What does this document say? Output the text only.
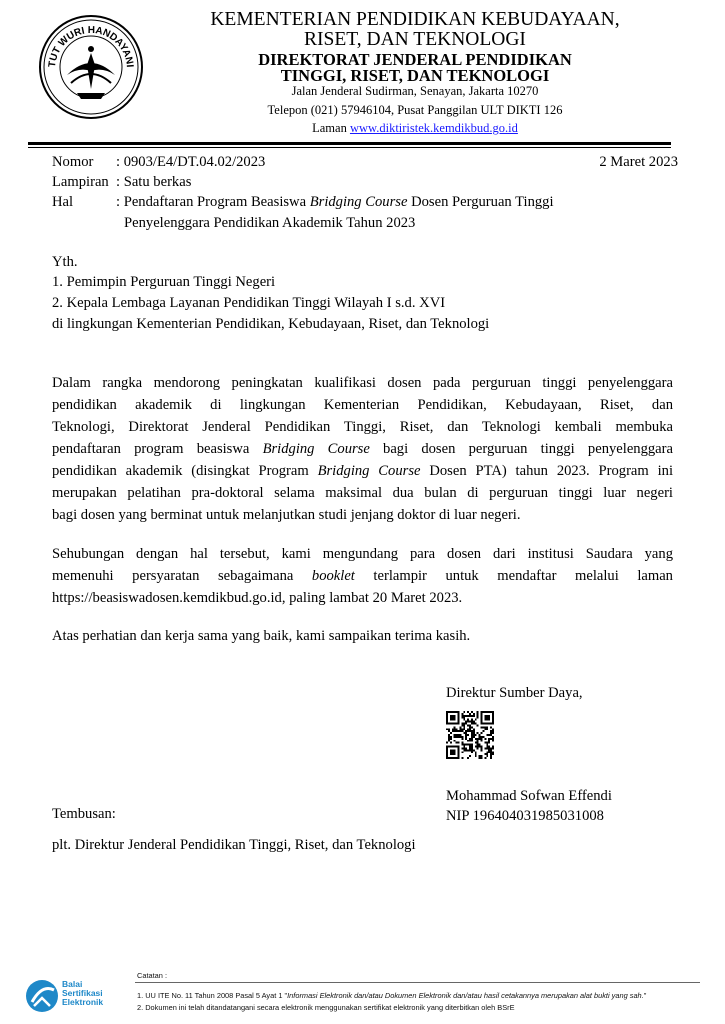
TUT WURI HANDAYANI
KEMENTERIAN PENDIDIKAN KEBUDAYAAN,
RISET, DAN TEKNOLOGI
DIREKTORAT JENDERAL PENDIDIKAN
TINGGI, RISET, DAN TEKNOLOGI
Jalan Jenderal Sudirman, Senayan, Jakarta 10270
Telepon (021) 57946104, Pusat Panggilan ULT DIKTI 126
Laman www.diktiristek.kemdikbud.go.id
Nomor : 0903/E4/DT.04.02/2023	2 Maret 2023
Lampiran : Satu berkas
Hal	: Pendaftaran Program Beasiswa Bridging Course Dosen Perguruan Tinggi
Penyelenggara Pendidikan Akademik Tahun 2023
Yth.
1. Pemimpin Perguruan Tinggi Negeri
2. Kepala Lembaga Layanan Pendidikan Tinggi Wilayah I s.d. XVI
di lingkungan Kementerian Pendidikan, Kebudayaan, Riset, dan Teknologi
Dalam rangka mendorong peningkatan kualifikasi dosen pada perguruan tinggi penyelenggara
pendidikan akademik di lingkungan Kementerian Pendidikan, Kebudayaan, Riset, dan
Teknologi, Direktorat Jenderal Pendidikan Tinggi, Riset, dan Teknologi kembali membuka
pendaftaran program beasiswa Bridging Course bagi dosen perguruan tinggi penyelenggara
pendidikan akademik (disingkat Program Bridging Course Dosen PTA) tahun 2023. Program ini
merupakan pelatihan pra-doktoral selama maksimal dua bulan di perguruan tinggi luar negeri
bagi dosen yang berminat untuk melanjutkan studi jenjang doktor di luar negeri.
Sehubungan dengan hal tersebut, kami mengundang para dosen dari institusi Saudara yang
memenuhi persyaratan sebagaimana booklet terlampir untuk mendaftar melalui laman
https://beasiswadosen.kemdikbud.go.id, paling lambat 20 Maret 2023.
Atas perhatian dan kerja sama yang baik, kami sampaikan terima kasih.
Direktur Sumber Daya,
Mohammad Sofwan Effendi
NIP 196404031985031008
Tembusan:
plt. Direktur Jenderal Pendidikan Tinggi, Riset, dan Teknologi
Balai
Sertifikasi
Elektronik
Catatan :
1. UU ITE No. 11 Tahun 2008 Pasal 5 Ayat 1 "Informasi Elektronik dan/atau Dokumen Elektronik dan/atau hasil cetakannya merupakan alat bukti yang sah."
2. Dokumen ini telah ditandatangani secara elektronik menggunakan sertifikat elektronik yang diterbitkan oleh BSrE
